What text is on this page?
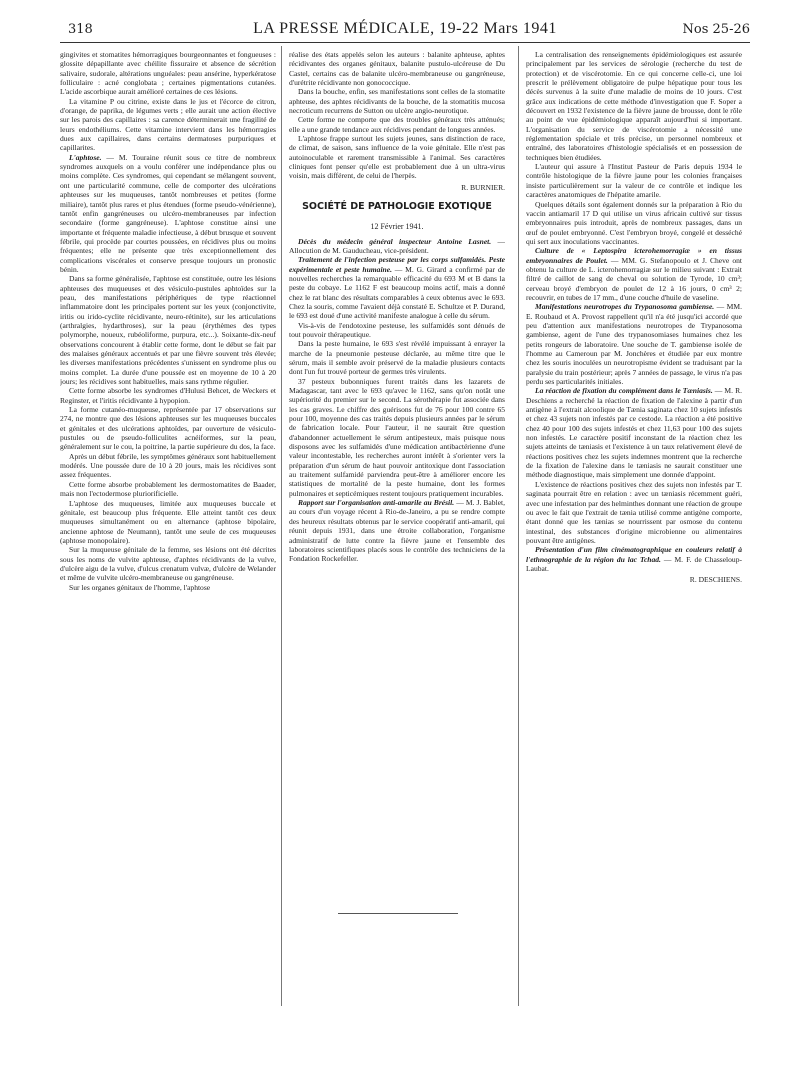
318	LA PRESSE MÉDICALE, 19-22 Mars 1941	Nos 25-26

gingivites et stomatites hémorragiques bourgeonnantes et fongueuses : glossite dépapillante avec chéilite fissuraire et absence de sécrétion salivaire, sudorale, altérations unguéales: peau ansérine, hyperkératose folliculaire : acné conglobata ; certaines pigmentations cutanées. L'acide ascorbique aurait amélioré certaines de ces lésions.

La vitamine P ou citrine, existe dans le jus et l'écorce de citron, d'orange, de paprika, de légumes verts ; elle aurait une action élective sur les parois des capillaires : sa carence déterminerait une fragilité de leurs endothéliums. Cette vitamine intervient dans les hémorragies dues aux capillaires, dans certains dermatoses purpuriques et capillarites.

L'aphtose. — M. Touraine réunit sous ce titre de nombreux syndromes auxquels on a voulu conférer une indépendance plus ou moins complète. Ces syndromes, qui cependant se mélangent souvent, ont une particularité commune, celle de comporter des ulcérations aphteuses sur les muqueuses, tantôt nombreuses et petites (forme miliaire), tantôt plus rares et plus étendues (forme pseudo-vénérienne), tantôt enfin gangréneuses ou ulcéro-membraneuses par infection secondaire (forme gangréneuse). L'aphtose constitue ainsi une importante et fréquente maladie infectieuse, à début brusque et souvent fébrile, qui procède par courtes poussées, en récidives plus ou moins fréquentes; elle ne présente que très exceptionnellement des complications viscérales et conserve presque toujours un pronostic bénin.

Dans sa forme généralisée, l'aphtose est constituée, outre les lésions aphteuses des muqueuses et des vésiculo-pustules aphtoïdes sur la peau, des manifestations périphériques de type réactionnel inflammatoire dont les principales portent sur les yeux (conjonctivite, iritis ou irido-cyclite récidivante, neuro-rétinite), sur les articulations (arthralgies, hydarthroses), sur la peau (érythèmes des types polymorphe, noueux, rubéoliforme, purpura, etc...). Soixante-dix-neuf observations concourent à établir cette forme, dont le début se fait par des malaises généraux accentués et par une fièvre souvent très élevée; les diverses manifestations précédentes s'unissent en syndrome plus ou moins complet. La durée d'une poussée est en moyenne de 10 à 20 jours; les récidives sont habituelles, mais sans rythme régulier.

Cette forme absorbe les syndromes d'Hulusi Behcet, de Weckers et Reginster, et l'iritis récidivante à hypopion.

La forme cutanéo-muqueuse, représentée par 17 observations sur 274, ne montre que des lésions aphteuses sur les muqueuses buccales et génitales et des ulcérations aphtoïdes, par ouverture de vésiculo-pustules ou de pseudo-folliculites acnéiformes, sur la peau, généralement sur le cou, la poitrine, la partie supérieure du dos, la face.

Après un début fébrile, les symptômes généraux sont habituellement modérés. Une poussée dure de 10 à 20 jours, mais les récidives sont assez fréquentes.

Cette forme absorbe probablement les dermostomatites de Baader, mais non l'ectodermose pluriorificielle.

L'aphtose des muqueuses, limitée aux muqueuses buccale et génitale, est beaucoup plus fréquente. Elle atteint tantôt ces deux muqueuses simultanément ou en alternance (aphtose bipolaire, ancienne aphtose de Neumann), tantôt une seule de ces muqueuses (aphtose monopolaire).

Sur la muqueuse génitale de la femme, ses lésions ont été décrites sous les noms de vulvite aphteuse, d'aphtes récidivants de la vulve, d'ulcère aigu de la vulve, d'ulcus crenatum vulvæ, d'ulcère de Welander et même de vulvite ulcéro-membraneuse ou gangréneuse.

Sur les organes génitaux de l'homme, l'aphtose

réalise des états appelés selon les auteurs : balanite aphteuse, aphtes récidivantes des organes génitaux, balanite pustulo-ulcéreuse de Du Castel, certains cas de balanite ulcéro-membraneuse ou gangréneuse, d'urétrite récidivante non gonococcique.

Dans la bouche, enfin, ses manifestations sont celles de la stomatite aphteuse, des aphtes récidivants de la bouche, de la stomatitis mucosa necroticum recurrens de Sutton ou ulcère angio-neurotique.

Cette forme ne comporte que des troubles généraux très atténués; elle a une grande tendance aux récidives pendant de longues années.

L'aphtose frappe surtout les sujets jeunes, sans distinction de race, de climat, de saison, sans influence de la voie génitale. Elle n'est pas autoinoculable et rarement transmissible à l'animal. Ses caractères cliniques font penser qu'elle est probablement due à un ultra-virus voisin, mais différent, de celui de l'herpès.

R. BURNIER.

SOCIÉTÉ DE PATHOLOGIE EXOTIQUE

12 Février 1941.

Décès du médecin général inspecteur Antoine Lasnet. — Allocution de M. Gauducheau, vice-président.

Traitement de l'infection pesteuse par les corps sulfamidés. Peste expérimentale et peste humaine. — M. G. Girard a confirmé par de nouvelles recherches la remarquable efficacité du 693 M et B dans la peste du cobaye. Le 1162 F est beaucoup moins actif, mais a donné chez le rat blanc des résultats comparables à ceux obtenus avec le 693. Chez la souris, comme l'avaient déjà constaté E. Schultze et P. Durand, le 693 est doué d'une activité manifeste analogue à celle du sérum.

Vis-à-vis de l'endotoxine pesteuse, les sulfamidés sont dénués de tout pouvoir thérapeutique.

Dans la peste humaine, le 693 s'est révélé impuissant à enrayer la marche de la pneumonie pesteuse déclarée, au même titre que le sérum, mais il semble avoir préservé de la maladie plusieurs contacts dont l'un fut trouvé porteur de germes très virulents.

37 pesteux bubonniques furent traités dans les lazarets de Madagascar, tant avec le 693 qu'avec le 1162, sans qu'on notât une supériorité du premier sur le second. La sérothérapie fut associée dans les cas graves. Le chiffre des guérisons fut de 76 pour 100 contre 65 pour 100, moyenne des cas traités depuis plusieurs années par le sérum de fabrication locale. Pour l'auteur, il ne saurait être question d'abandonner actuellement le sérum antipesteux, mais puisque nous disposons avec les sulfamidés d'une médication antibactérienne d'une valeur incontestable, les recherches auront intérêt à s'orienter vers la préparation d'un sérum de haut pouvoir antitoxique dont l'association au traitement sulfamidé parviendra peut-être à améliorer encore les statistiques de mortalité de la peste humaine, dont les formes pulmonaires et septicémiques restent toujours pratiquement incurables.

Rapport sur l'organisation anti-amarile au Brésil. — M. J. Bablet, au cours d'un voyage récent à Rio-de-Janeiro, a pu se rendre compte des heureux résultats obtenus par le service coopératif anti-amaril, qui réunit depuis 1931, dans une étroite collaboration, l'organisme administratif de lutte contre la fièvre jaune et l'ensemble des laboratoires scientifiques placés sous le contrôle des techniciens de la Fondation Rockefeller.

La centralisation des renseignements épidémiologiques est assurée principalement par les services de sérologie (recherche du test de protection) et de viscérotomie. En ce qui concerne celle-ci, une loi prescrit le prélèvement obligatoire de pulpe hépatique pour tous les décès survenus à la suite d'une maladie de moins de 10 jours. C'est grâce aux indications de cette méthode d'investigation que F. Soper a découvert en 1932 l'existence de la fièvre jaune de brousse, dont le rôle au point de vue épidémiologique apparaît aujourd'hui si important. L'organisation du service de viscérotomie a nécessité une réglementation spéciale et très précise, un personnel nombreux et entraîné, des laboratoires d'histologie spécialisés et en possession de techniques bien étudiées.

L'auteur qui assure à l'Institut Pasteur de Paris depuis 1934 le contrôle histologique de la fièvre jaune pour les colonies françaises insiste particulièrement sur la valeur de ce contrôle et indique les caractères anatomiques de l'hépatite amarile.

Quelques détails sont également donnés sur la préparation à Rio du vaccin antiamaril 17 D qui utilise un virus africain cultivé sur tissus embryonnaires puis introduit, après de nombreux passages, dans un œuf de poulet embryonné. C'est l'embryon broyé, congelé et desséché qui sert aux inoculations vaccinantes.

Culture de « Leptospira icterohemorragiæ » en tissus embryonnaires de Poulet. — MM. G. Stefanopoulo et J. Cheve ont obtenu la culture de L. icterohemorragiæ sur le milieu suivant : Extrait filtré de caillot de sang de cheval ou solution de Tyrode, 10 cm³; cerveau broyé d'embryon de poulet de 12 à 16 jours, 0 cm³ 2; recouvrir, en tubes de 17 mm., d'une couche d'huile de vaseline.

Manifestations neurotropes du Trypanosoma gambiense. — MM. E. Roubaud et A. Provost rappellent qu'il n'a été jusqu'ici accordé que peu d'attention aux manifestations neurotropes de Trypanosoma gambiense, agent de l'une des trypanosomiases humaines chez les petits rongeurs de laboratoire. Une souche de T. gambiense isolée de l'homme au Cameroun par M. Jonchères et étudiée par eux montre chez les souris inoculées un neurotropisme évident se traduisant par la paralysie du train postérieur; après 7 années de passage, le virus n'a pas perdu ses particularités initiales.

La réaction de fixation du complément dans le Tæniasis. — M. R. Deschiens a recherché la réaction de fixation de l'alexine à partir d'un antigène à l'extrait alcoolique de Tænia saginata chez 10 sujets infestés et chez 43 sujets non infestés par ce cestode. La réaction a été positive chez 40 pour 100 des sujets infestés et chez 11,63 pour 100 des sujets non infestés. Le caractère positif inconstant de la réaction chez les sujets atteints de tæniasis et l'existence à un taux relativement élevé de réactions positives chez les sujets indemnes montrent que la recherche de la fixation de l'alexine dans le tæniasis ne saurait constituer une méthode diagnostique, mais simplement une donnée d'appoint.

L'existence de réactions positives chez des sujets non infestés par T. saginata pourrait être en relation : avec un tæniasis récemment guéri, avec une infestation par des helminthes donnant une réaction de groupe ou avec le fait que l'extrait de tænia utilisé comme antigène comporte, étant donné que les tænias se nourrissent par osmose du contenu intestinal, des substances d'origine microbienne ou alimentaires pouvant être antigènes.

Présentation d'un film cinématographique en couleurs relatif à l'ethnographie de la région du lac Tchad. — M. F. de Chasseloup-Laubat.

R. DESCHIENS.
